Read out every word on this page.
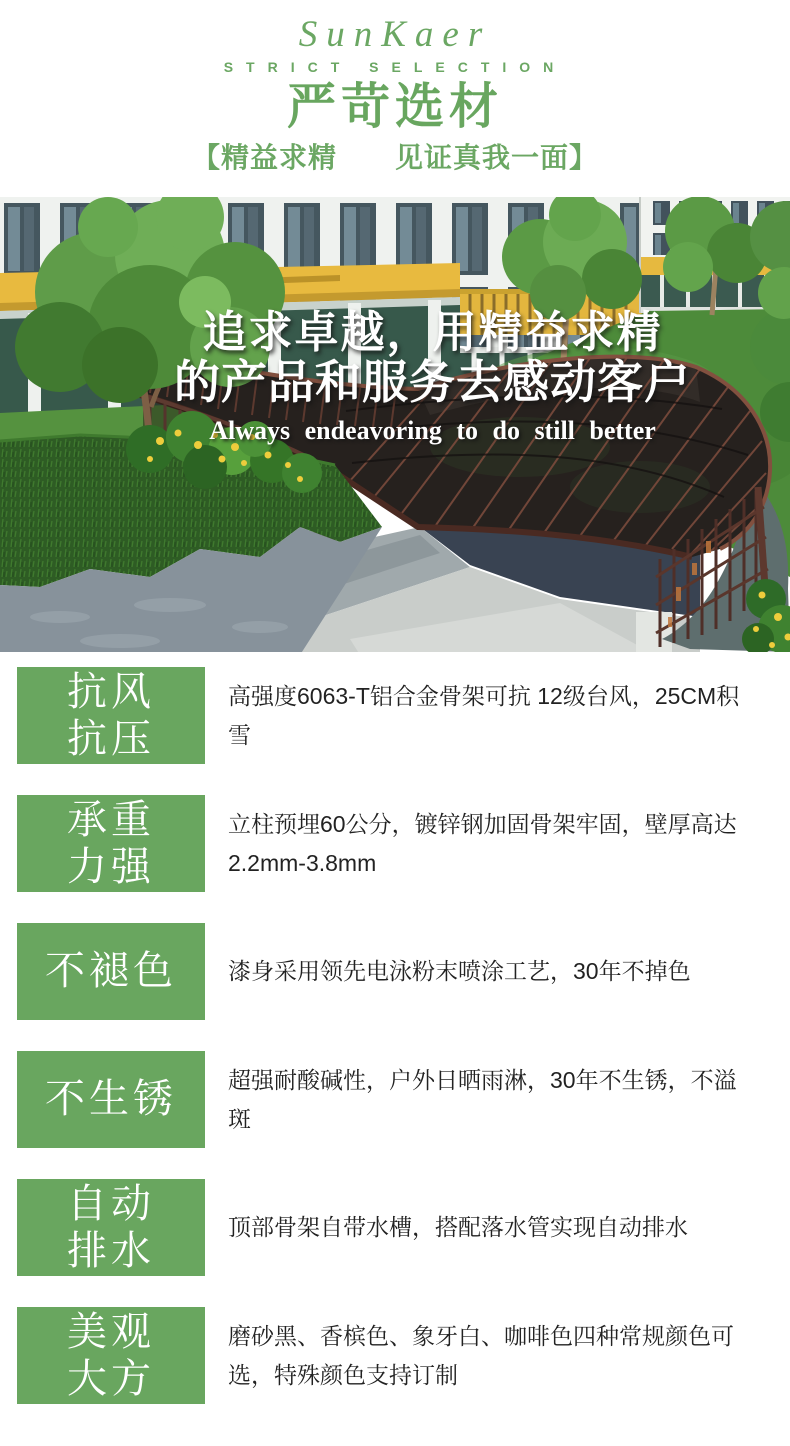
SunKaer
STRICT SELECTION
严苛选材
【精益求精　　见证真我一面】
追求卓越，用精益求精
的产品和服务去感动客户
Always endeavoring to do still better
抗风
抗压

高强度6063-T铝合金骨架可抗 12级台风，25CM积雪

承重
力强

立柱预埋60公分，镀锌钢加固骨架牢固，壁厚高达2.2mm-3.8mm

不褪色 漆身采用领先电泳粉末喷涂工艺，30年不掉色

不生锈 超强耐酸碱性，户外日晒雨淋，30年不生锈，不溢斑

自动
排水

顶部骨架自带水槽，搭配落水管实现自动排水

美观
大方

磨砂黑、香槟色、象牙白、咖啡色四种常规颜色可选，特殊颜色支持订制
